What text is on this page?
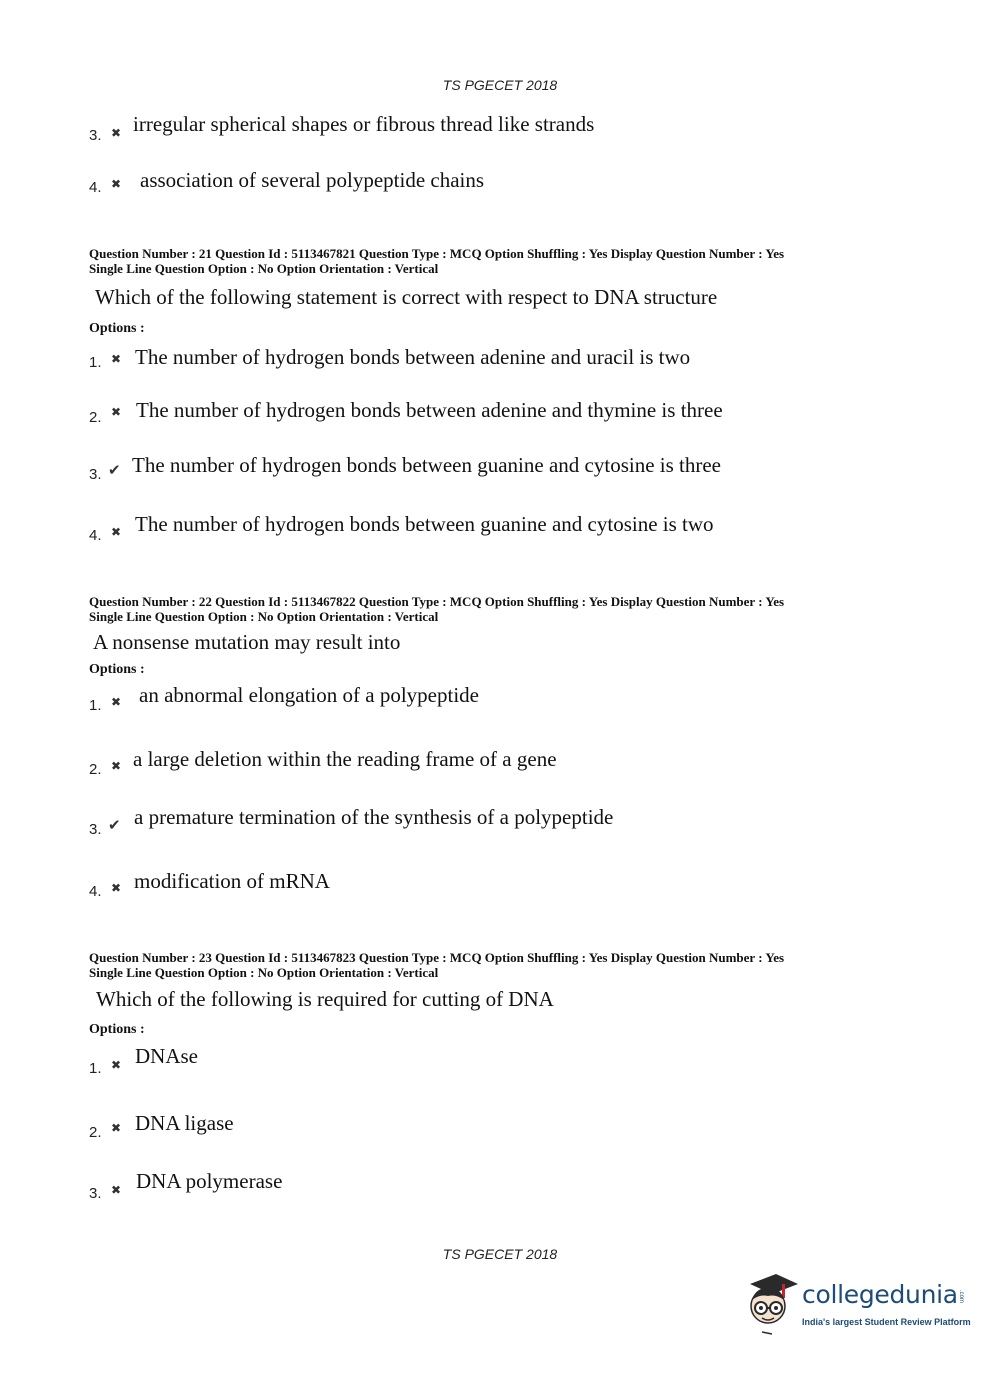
TS PGECET 2018
3. ✖ irregular spherical shapes or fibrous thread like strands
4. ✖ association of several polypeptide chains
Question Number : 21 Question Id : 5113467821 Question Type : MCQ Option Shuffling : Yes Display Question Number : Yes
Single Line Question Option : No Option Orientation : Vertical
Which of the following statement is correct with respect to DNA structure
Options :
1. ✖ The number of hydrogen bonds between adenine and uracil is two
2. ✖ The number of hydrogen bonds between adenine and thymine is three
3. ✔ The number of hydrogen bonds between guanine and cytosine is three
4. ✖ The number of hydrogen bonds between guanine and cytosine is two
Question Number : 22 Question Id : 5113467822 Question Type : MCQ Option Shuffling : Yes Display Question Number : Yes
Single Line Question Option : No Option Orientation : Vertical
A nonsense mutation may result into
Options :
1. ✖ an abnormal elongation of a polypeptide
2. ✖ a large deletion within the reading frame of a gene
3. ✔ a premature termination of the synthesis of a polypeptide
4. ✖ modification of mRNA
Question Number : 23 Question Id : 5113467823 Question Type : MCQ Option Shuffling : Yes Display Question Number : Yes
Single Line Question Option : No Option Orientation : Vertical
Which of the following is required for cutting of DNA
Options :
1. ✖ DNAse
2. ✖ DNA ligase
3. ✖ DNA polymerase
TS PGECET 2018
collegedunia .com
India's largest Student Review Platform
